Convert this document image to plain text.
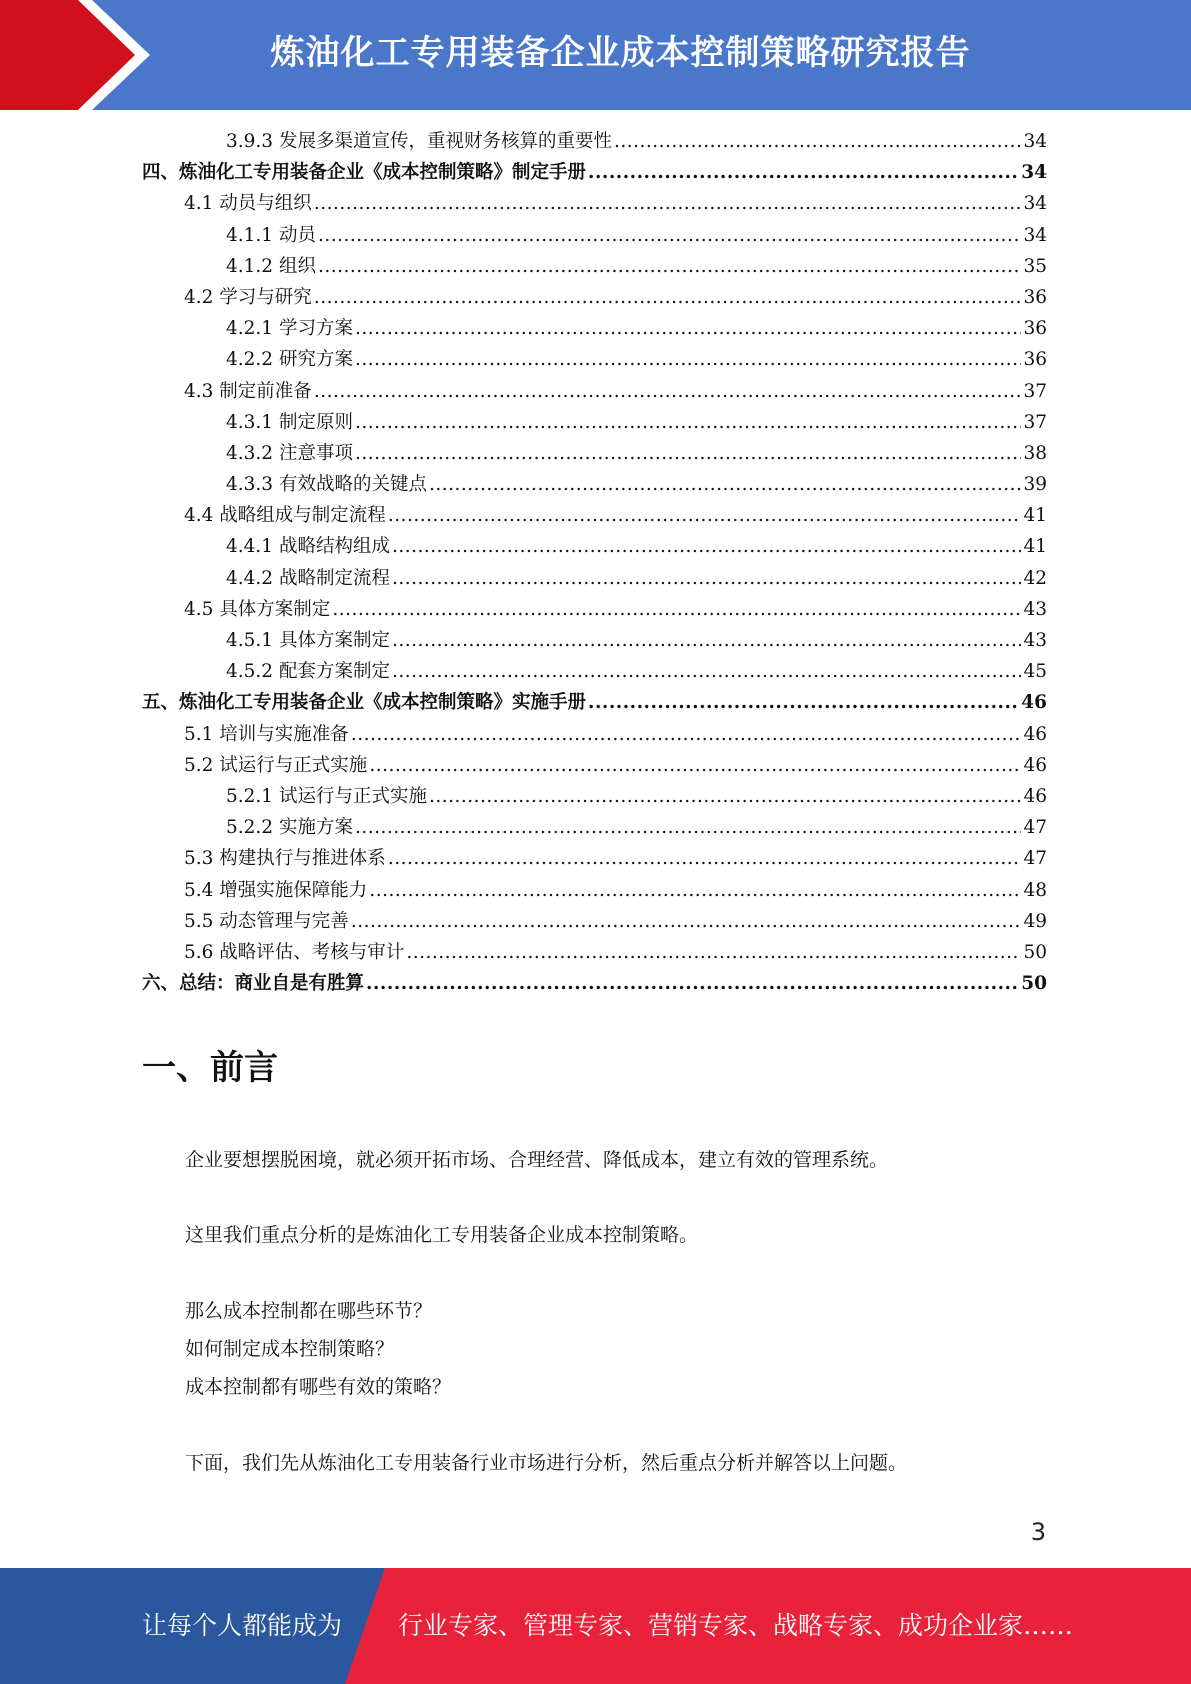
炼油化工专用装备企业成本控制策略研究报告
3.9.3 发展多渠道宣传，重视财务核算的重要性 .....	34
四、炼油化工专用装备企业《成本控制策略》制定手册 .....	34
4.1 动员与组织 .....	34
4.1.1 动员 .....	34
4.1.2 组织 .....	35
4.2 学习与研究 .....	36
4.2.1 学习方案 .....	36
4.2.2 研究方案 .....	36
4.3 制定前准备 .....	37
4.3.1 制定原则 .....	37
4.3.2 注意事项 .....	38
4.3.3 有效战略的关键点 .....	39
4.4 战略组成与制定流程 .....	41
4.4.1 战略结构组成 .....	41
4.4.2 战略制定流程 .....	42
4.5 具体方案制定 .....	43
4.5.1 具体方案制定 .....	43
4.5.2 配套方案制定 .....	45
五、炼油化工专用装备企业《成本控制策略》实施手册 .....	46
5.1 培训与实施准备 .....	46
5.2 试运行与正式实施 .....	46
5.2.1 试运行与正式实施 .....	46
5.2.2 实施方案 .....	47
5.3 构建执行与推进体系 .....	47
5.4 增强实施保障能力 .....	48
5.5 动态管理与完善 .....	49
5.6 战略评估、考核与审计 .....	50
六、总结：商业自是有胜算 .....	50
一、前言

企业要想摆脱困境，就必须开拓市场、合理经营、降低成本，建立有效的管理系统。

这里我们重点分析的是炼油化工专用装备企业成本控制策略。

那么成本控制都在哪些环节？

如何制定成本控制策略？

成本控制都有哪些有效的策略？

下面，我们先从炼油化工专用装备行业市场进行分析，然后重点分析并解答以上问题。

3
让每个人都能成为 行业专家、管理专家、营销专家、战略专家、成功企业家……
